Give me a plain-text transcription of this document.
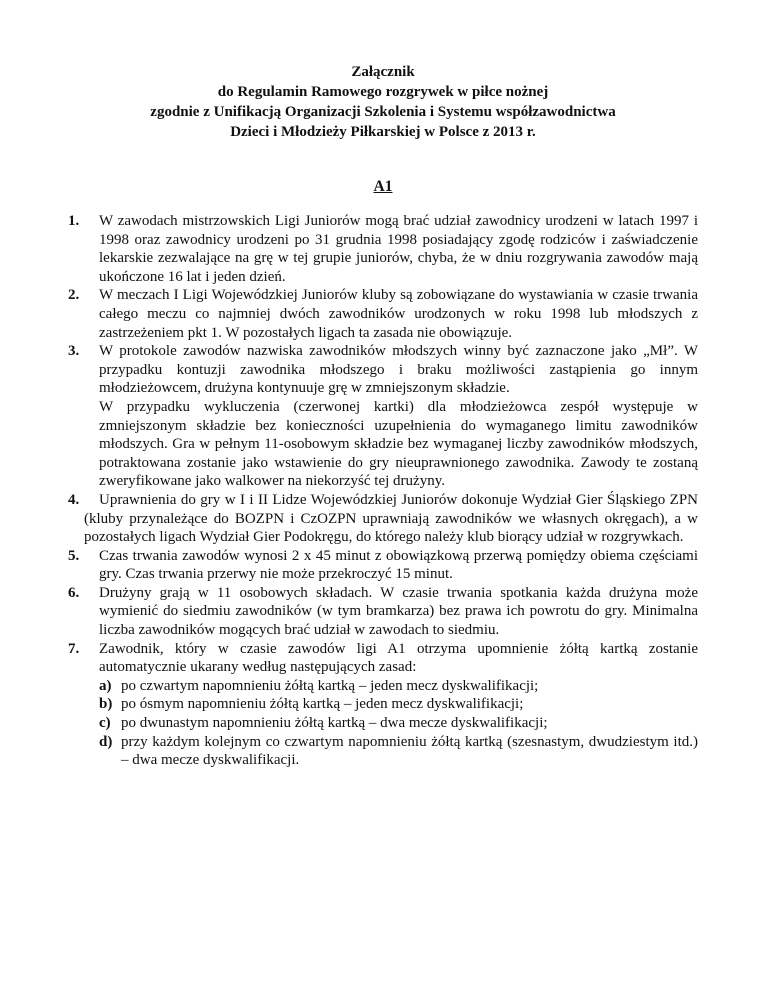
Załącznik
do Regulamin Ramowego rozgrywek w piłce nożnej
zgodnie z Unifikacją Organizacji Szkolenia i Systemu współzawodnictwa
Dzieci i Młodzieży Piłkarskiej w Polsce z 2013 r.
A1
1. W zawodach mistrzowskich Ligi Juniorów mogą brać udział zawodnicy urodzeni w latach 1997 i 1998 oraz zawodnicy urodzeni po 31 grudnia 1998 posiadający zgodę rodziców i zaświadczenie lekarskie zezwalające na grę w tej grupie juniorów, chyba, że w dniu rozgrywania zawodów mają ukończone 16 lat i jeden dzień.

2. W meczach I Ligi Wojewódzkiej Juniorów kluby są zobowiązane do wystawiania w czasie trwania całego meczu co najmniej dwóch zawodników urodzonych w roku 1998 lub młodszych z zastrzeżeniem pkt 1. W pozostałych ligach ta zasada nie obowiązuje.

3. W protokole zawodów nazwiska zawodników młodszych winny być zaznaczone jako „Mł”. W przypadku kontuzji zawodnika młodszego i braku możliwości zastąpienia go innym młodzieżowcem, drużyna kontynuuje grę w zmniejszonym składzie.

W przypadku wykluczenia (czerwonej kartki) dla młodzieżowca zespół występuje w zmniejszonym składzie bez konieczności uzupełnienia do wymaganego limitu zawodników młodszych. Gra w pełnym 11-osobowym składzie bez wymaganej liczby zawodników młodszych, potraktowana zostanie jako wstawienie do gry nieuprawnionego zawodnika. Zawody te zostaną zweryfikowane jako walkower na niekorzyść tej drużyny.

4.	Uprawnienia do gry w I i II Lidze Wojewódzkiej Juniorów dokonuje Wydział Gier Śląskiego ZPN (kluby przynależące do BOZPN i CzOZPN uprawniają zawodników we własnych okręgach), a w pozostałych ligach Wydział Gier Podokręgu, do którego należy klub biorący udział w rozgrywkach.

5. Czas trwania zawodów wynosi 2 x 45 minut z obowiązkową przerwą pomiędzy obiema częściami gry. Czas trwania przerwy nie może przekroczyć 15 minut.

6. Drużyny grają w 11 osobowych składach. W czasie trwania spotkania każda drużyna może wymienić do siedmiu zawodników (w tym bramkarza) bez prawa ich powrotu do gry. Minimalna liczba zawodników mogących brać udział w zawodach to siedmiu.

7. Zawodnik, który w czasie zawodów ligi A1 otrzyma upomnienie żółtą kartką zostanie automatycznie ukarany według następujących zasad:

a) po czwartym napomnieniu żółtą kartką – jeden mecz dyskwalifikacji;
b) po ósmym napomnieniu żółtą kartką – jeden mecz dyskwalifikacji;
c) po dwunastym napomnieniu żółtą kartką – dwa mecze dyskwalifikacji;
d) przy każdym kolejnym co czwartym napomnieniu żółtą kartką (szesnastym, dwudziestym itd.) – dwa mecze dyskwalifikacji.
